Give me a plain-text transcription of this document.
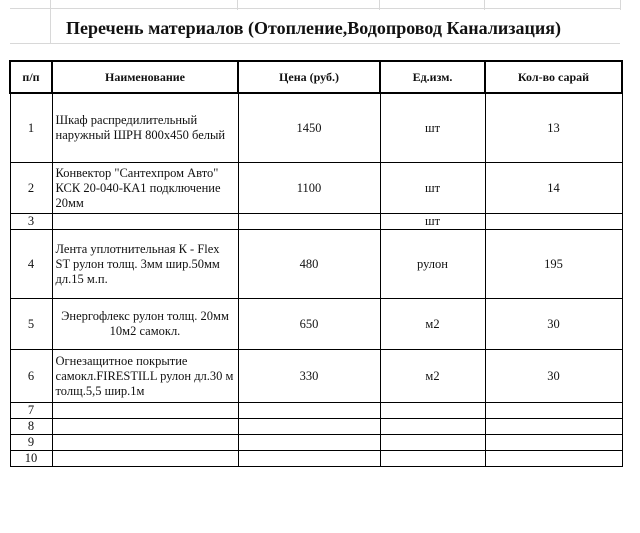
Перечень материалов (Отопление,Водопровод Канализация)
п/п	Наименование	Цена (руб.)	Ед.изм.	Кол-во сарай
1	Шкаф распредилительный наружный ШРН 800х450 белый	1450	шт	13
2	Конвектор "Сантехпром Авто" КСК 20-040-КА1 подключение 20мм	1100	шт	14
3			шт	
4	Лента уплотнительная К - Flex ST рулон толщ. 3мм шир.50мм дл.15 м.п.	480	рулон	195
5	Энергофлекс рулон толщ. 20мм 10м2 самокл.	650	м2	30
6	Огнезащитное покрытие самокл.FIRESTILL рулон дл.30 м толщ.5,5 шир.1м	330	м2	30
7				
8				
9				
10				
